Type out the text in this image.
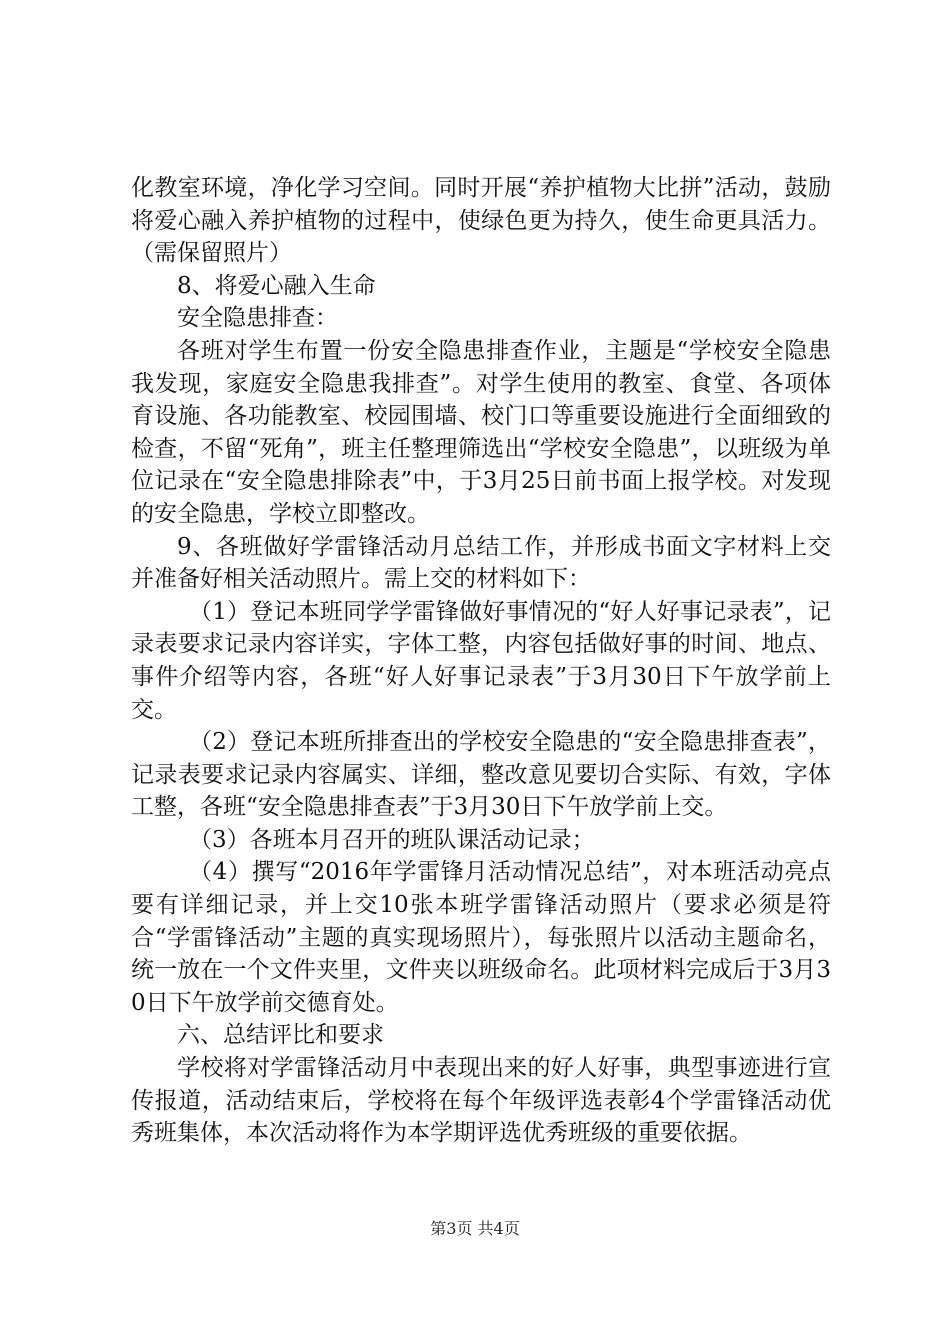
化教室环境，净化学习空间。同时开展“养护植物大比拼”活动，鼓励将爱心融入养护植物的过程中，使绿色更为持久，使生命更具活力。（需保留照片）

8、将爱心融入生命

安全隐患排查：

各班对学生布置一份安全隐患排查作业，主题是“学校安全隐患我发现，家庭安全隐患我排查”。对学生使用的教室、食堂、各项体育设施、各功能教室、校园围墙、校门口等重要设施进行全面细致的检查，不留“死角”，班主任整理筛选出“学校安全隐患”，以班级为单位记录在“安全隐患排除表”中，于3月25日前书面上报学校。对发现的安全隐患，学校立即整改。

9、各班做好学雷锋活动月总结工作，并形成书面文字材料上交并准备好相关活动照片。需上交的材料如下：

（1）登记本班同学学雷锋做好事情况的“好人好事记录表”，记录表要求记录内容详实，字体工整，内容包括做好事的时间、地点、事件介绍等内容，各班“好人好事记录表”于3月30日下午放学前上交。

（2）登记本班所排查出的学校安全隐患的“安全隐患排查表”，记录表要求记录内容属实、详细，整改意见要切合实际、有效，字体工整，各班“安全隐患排查表”于3月30日下午放学前上交。

（3）各班本月召开的班队课活动记录；

（4）撰写“2016年学雷锋月活动情况总结”，对本班活动亮点要有详细记录，并上交10张本班学雷锋活动照片（要求必须是符合“学雷锋活动”主题的真实现场照片），每张照片以活动主题命名，统一放在一个文件夹里，文件夹以班级命名。此项材料完成后于3月30日下午放学前交德育处。

六、总结评比和要求

学校将对学雷锋活动月中表现出来的好人好事，典型事迹进行宣传报道，活动结束后，学校将在每个年级评选表彰4个学雷锋活动优秀班集体，本次活动将作为本学期评选优秀班级的重要依据。

第3页 共4页
